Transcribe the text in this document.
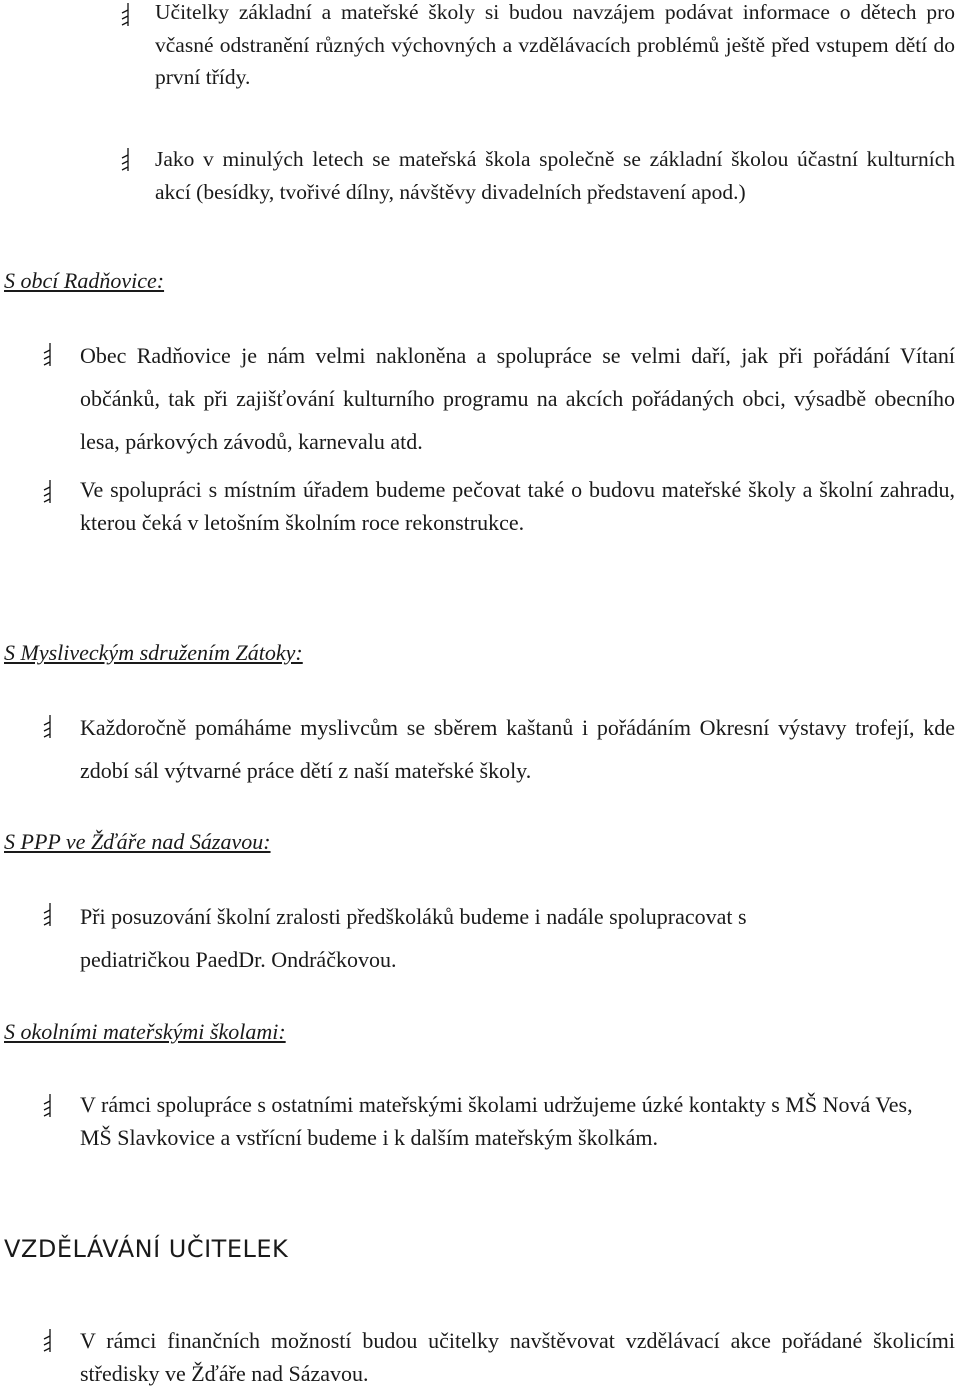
Učitelky základní a mateřské školy si budou navzájem podávat informace o dětech pro včasné odstranění různých výchovných a vzdělávacích problémů ještě před vstupem dětí do první třídy.

Jako v minulých letech se mateřská škola společně se základní školou účastní kulturních akcí (besídky, tvořivé dílny, návštěvy divadelních představení apod.)

S obcí Radňovice:

Obec Radňovice je nám velmi nakloněna a spolupráce se velmi daří, jak při pořádání Vítaní občánků, tak při zajišťování kulturního programu na akcích pořádaných obci, výsadbě obecního lesa, párkových závodů, karnevalu atd.

Ve spolupráci s místním úřadem budeme pečovat také o budovu mateřské školy a školní zahradu, kterou čeká v letošním školním roce rekonstrukce.

S Mysliveckým sdružením Zátoky:

Každoročně pomáháme myslivcům se sběrem kaštanů i pořádáním Okresní výstavy trofejí, kde zdobí sál výtvarné práce dětí z naší mateřské školy.

S PPP ve Žďáře nad Sázavou:

Při posuzování školní zralosti předškoláků budeme i nadále spolupracovat s pediatričkou PaedDr. Ondráčkovou.

S okolními mateřskými školami:

V rámci spolupráce s ostatními mateřskými školami udržujeme úzké kontakty s MŠ Nová Ves, MŠ Slavkovice a vstřícní budeme i k dalším mateřským školkám.

VZDĚLÁVÁNÍ UČITELEK

V rámci finančních možností budou učitelky navštěvovat vzdělávací akce pořádané školicími středisky ve Žďáře nad Sázavou.
